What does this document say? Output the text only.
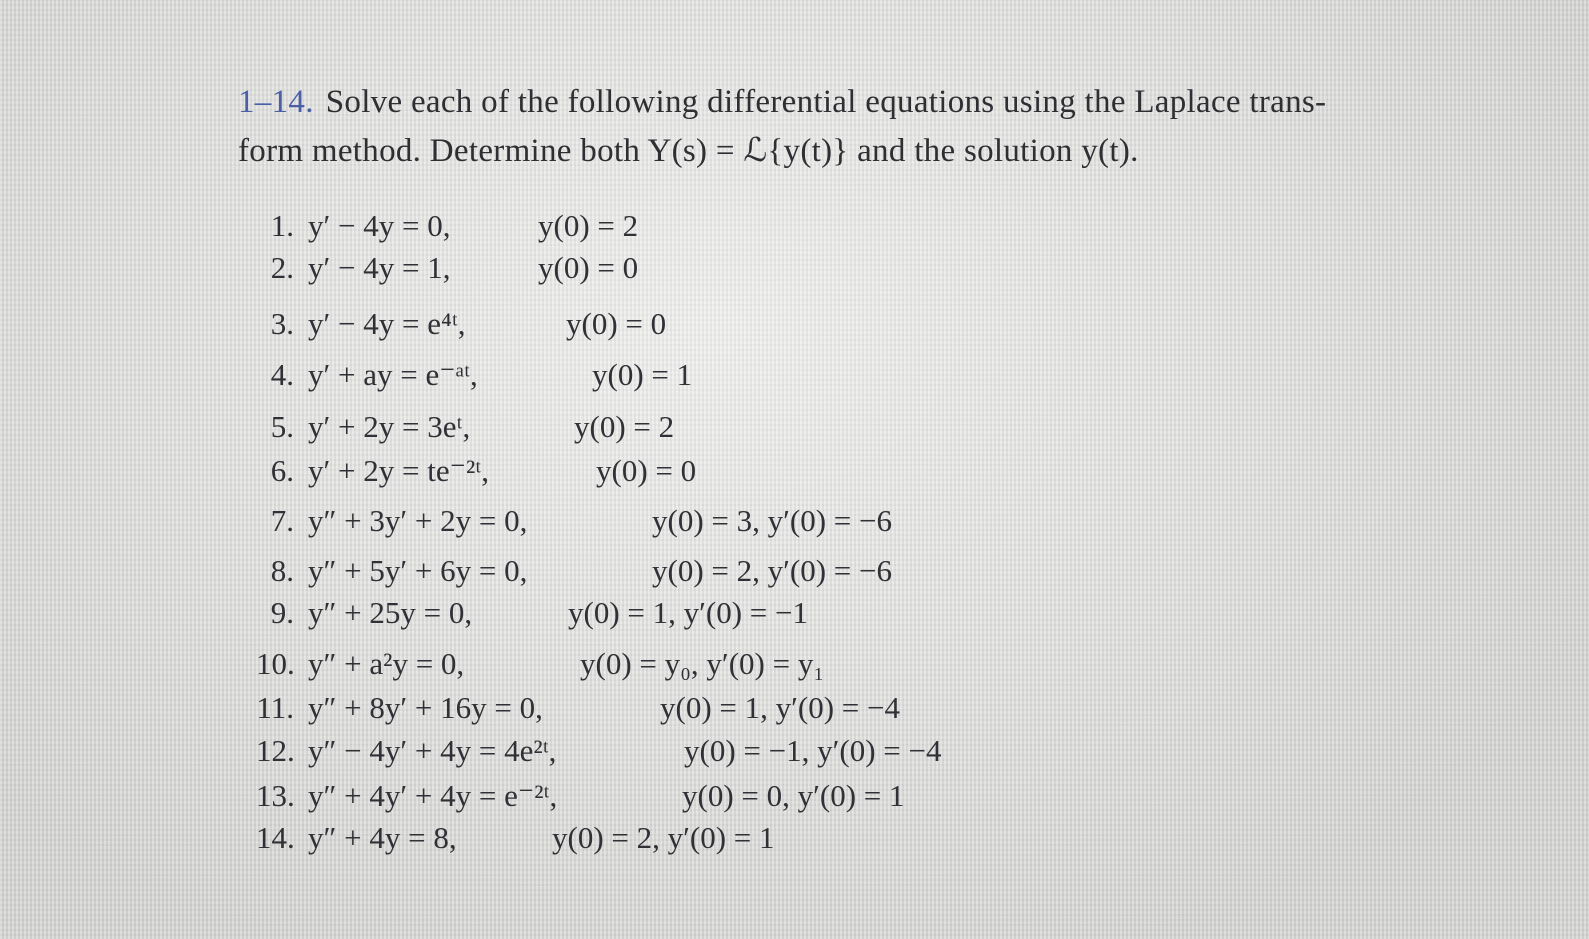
1–14. Solve each of the following differential equations using the Laplace trans-
form method. Determine both Y(s) = ℒ{y(t)} and the solution y(t).
1. y′ − 4y = 0,	y(0) = 2
2. y′ − 4y = 1,	y(0) = 0
3. y′ − 4y = e⁴ᵗ,	y(0) = 0
4. y′ + ay = e⁻ᵃᵗ,	y(0) = 1
5. y′ + 2y = 3eᵗ,	y(0) = 2
6. y′ + 2y = te⁻²ᵗ,	y(0) = 0
7. y″ + 3y′ + 2y = 0,	y(0) = 3, y′(0) = −6
8. y″ + 5y′ + 6y = 0,	y(0) = 2, y′(0) = −6
9. y″ + 25y = 0,	y(0) = 1, y′(0) = −1
10. y″ + a²y = 0,	y(0) = y₀, y′(0) = y₁
11. y″ + 8y′ + 16y = 0,	y(0) = 1, y′(0) = −4
12. y″ − 4y′ + 4y = 4e²ᵗ,	y(0) = −1, y′(0) = −4
13. y″ + 4y′ + 4y = e⁻²ᵗ,	y(0) = 0, y′(0) = 1
14. y″ + 4y = 8,	y(0) = 2, y′(0) = 1
